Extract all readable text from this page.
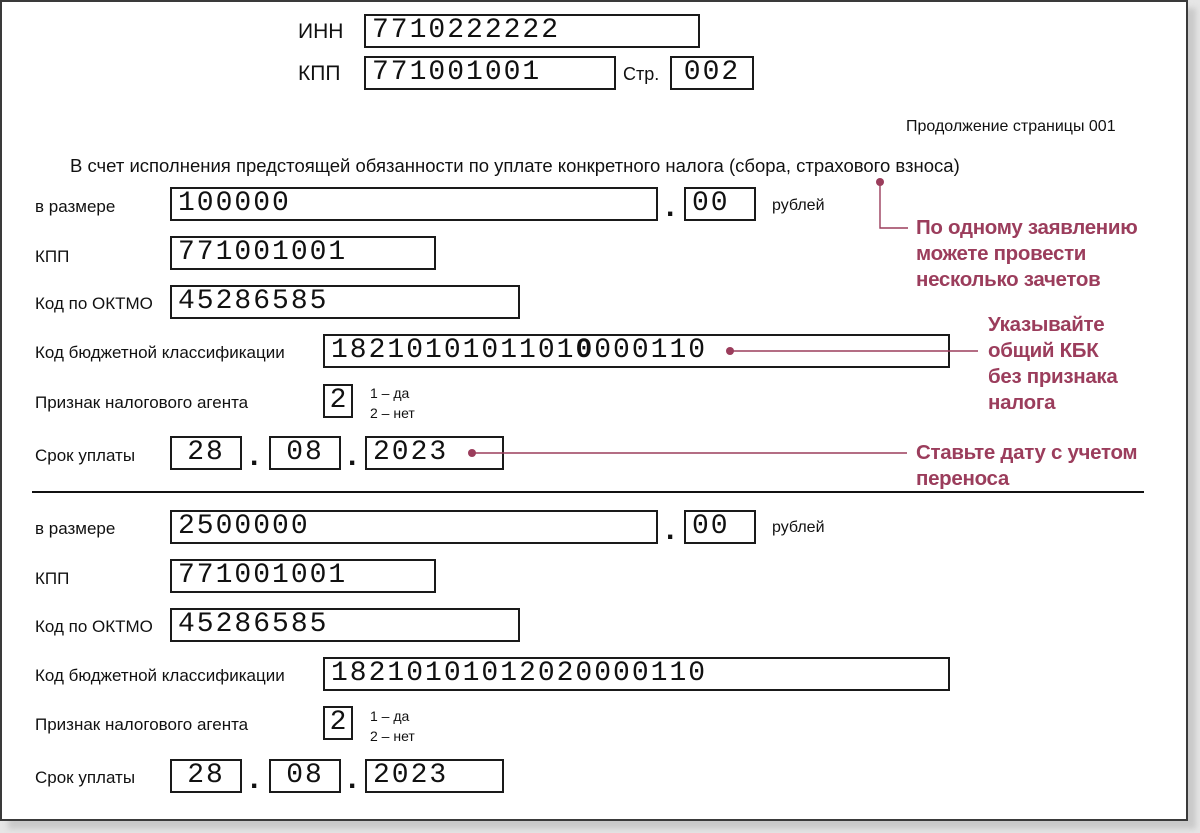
ИНН 7710222222
КПП 771001001	Стр. 002
Продолжение страницы 001
В счет исполнения предстоящей обязанности по уплате конкретного налога (сбора, страхового взноса)
в размере 100000	. 00	рублей
КПП	771001001
Код по ОКТМО 45286585
Код бюджетной классификации 1821010101101 0 000110
Признак налогового агента	2	1 – да
2 – нет
Срок уплаты	28 . 08 . 2023
в размере 2500000	. 00	рублей
КПП	771001001
Код по ОКТМО 45286585
Код бюджетной классификации 18210101012020000110
Признак налогового агента	2	1 – да
2 – нет
Срок уплаты	28 . 08 . 2023
По одному заявлению
можете провести
несколько зачетов
Указывайте
общий КБК
без признака
налога
Ставьте дату с учетом
переноса
